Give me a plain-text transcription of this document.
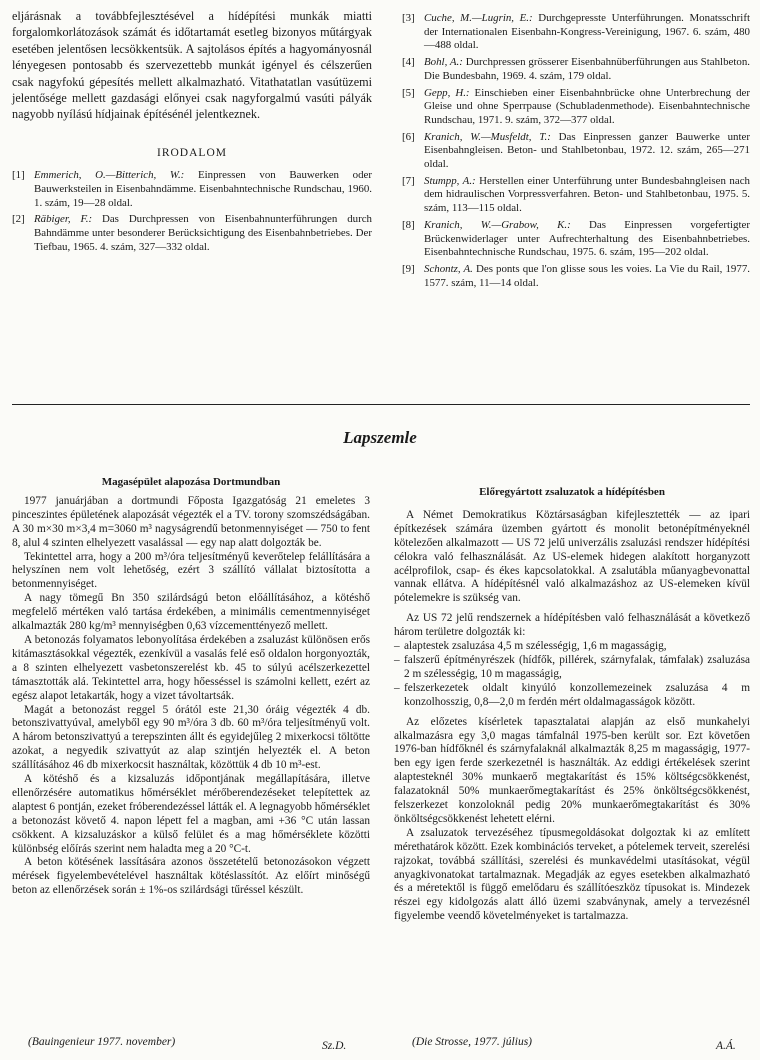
eljárásnak a továbbfejlesztésével a hídépítési munkák miatti forgalomkorlátozások számát és időtartamát esetleg bizonyos műtárgyak esetében jelentősen lecsökkentsük. A sajtolásos építés a hagyományosnál lényegesen pontosabb és szervezettebb munkát igényel és célszerűen csak nagyfokú gépesítés mellett alkalmazható. Vitathatatlan vasútüzemi jelentősége mellett gazdasági előnyei csak nagyforgalmú vasúti pályák nagyobb nyílású hídjainak építésénél jelentkeznek.

IRODALOM
[1] Emmerich, O.—Bitterich, W.: Einpressen von Bauwerken oder Bauwerksteilen in Eisenbahndämme. Eisenbahntechnische Rundschau, 1960. 1. szám, 19—28 oldal.
[2] Räbiger, F.: Das Durchpressen von Eisenbahnunterführungen durch Bahndämme unter besonderer Berücksichtigung des Eisenbahnbetriebes. Der Tiefbau, 1965. 4. szám, 327—332 oldal.
[3] Cuche, M.—Lugrin, E.: Durchgepresste Unterführungen. Monatsschrift der Internationalen Eisenbahn-Kongress-Vereinigung, 1967. 6. szám, 480—488 oldal.
[4] Bohl, A.: Durchpressen grösserer Eisenbahnüberführungen aus Stahlbeton. Die Bundesbahn, 1969. 4. szám, 179 oldal.
[5] Gepp, H.: Einschieben einer Eisenbahnbrücke ohne Unterbrechung der Gleise und ohne Sperrpause (Schubladenmethode). Eisenbahntechnische Rundschau, 1971. 9. szám, 372—377 oldal.
[6] Kranich, W.—Musfeldt, T.: Das Einpressen ganzer Bauwerke unter Eisenbahngleisen. Beton- und Stahlbetonbau, 1972. 12. szám, 265—271 oldal.
[7] Stumpp, A.: Herstellen einer Unterführung unter Bundesbahngleisen nach dem hidraulischen Vorpressverfahren. Beton- und Stahlbetonbau, 1975. 5. szám, 113—115 oldal.
[8] Kranich, W.—Grabow, K.: Das Einpressen vorgefertigter Brückenwiderlager unter Aufrechterhaltung des Eisenbahnbetriebes. Eisenbahntechnische Rundschau, 1975. 6. szám, 195—202 oldal.
[9] Schontz, A. Des ponts que l'on glisse sous les voies. La Vie du Rail, 1977. 1577. szám, 11—14 oldal.
Lapszemle
Magasépület alapozása Dortmundban

1977 januárjában a dortmundi Főposta Igazgatóság 21 emeletes 3 pinceszintes épületének alapozását végezték el a TV. torony szomszédságában. A 30 m×30 m×3,4 m=3060 m³ nagyságrendű betonmennyiséget — 750 to fent 8, alul 4 szinten elhelyezett vasalással — egy nap alatt dolgozták be.

Tekintettel arra, hogy a 200 m³/óra teljesítményű keverőtelep felállítására a helyszínen nem volt lehetőség, ezért 3 szállító vállalat biztosította a betonmennyiséget.

A nagy tömegű Bn 350 szilárdságú beton előállításához, a kötéshő megfelelő mértéken való tartása érdekében, a minimális cementmennyiséget alkalmazták 280 kg/m³ mennyiségben 0,63 vízcementtényező mellett.

A betonozás folyamatos lebonyolítása érdekében a zsaluzást különösen erős kitámasztásokkal végezték, ezenkívül a vasalás felé eső oldalon horgonyozták, a 8 szinten elhelyezett vasbetonszerelést kb. 45 to súlyú acélszerkezettel támasztották alá. Tekintettel arra, hogy hőesséssel is számolni kellett, ezért az egész alapot letakarták, hogy a vizet távoltartsák.

Magát a betonozást reggel 5 órától este 21,30 óráig végezték 4 db. betonszivattyúval, amelyből egy 90 m³/óra 3 db. 60 m³/óra teljesítményű volt. A három betonszivattyú a terepszinten állt és egyidejűleg 2 mixerkocsi töltötte azokat, a negyedik szivattyút az alap szintjén helyezték el. A beton szállításához 46 db mixerkocsit használtak, közöttük 4 db 10 m³-est.

A kötéshő és a kizsaluzás időpontjának megállapítására, illetve ellenőrzésére automatikus hőmérséklet mérőberendezéseket telepítettek az alaptest 6 pontján, ezeket fróberendezéssel látták el. A legnagyobb hőmérséklet a betonozást követő 4. napon lépett fel a magban, ami +36 °C után lassan csökkent. A kizsaluzáskor a külső felület és a mag hőmérséklete közötti különbség előírás szerint nem haladta meg a 20 °C-t.

A beton kötésének lassítására azonos összetételű betonozásokon végzett mérések figyelembevételével használtak kötéslassítót. Az előírt minőségű beton az ellenőrzések során ± 1%-os szilárdsági tűréssel készült.

Előregyártott zsaluzatok a hídépítésben

A Német Demokratikus Köztársaságban kifejlesztették — az ipari építkezések számára üzemben gyártott és monolit betonépítményeknél kötelezően alkalmazott — US 72 jelű univerzális zsaluzási rendszer hídépítési célokra való felhasználását. Az US-elemek hidegen alakított horganyzott acélprofilok, csap- és ékes kapcsolatokkal. A zsalutábla műanyagbevonattal vannak ellátva. A hídépítésnél való alkalmazáshoz az US-elemeken kívül pótelemekre is szükség van.

Az US 72 jelű rendszernek a hídépítésben való felhasználását a következő három területre dolgozták ki:

– alaptestek zsaluzása 4,5 m szélességig, 1,6 m magasságig,

– falszerű építményrészek (hídfők, pillérek, szárnyfalak, támfalak) zsaluzása 2 m szélességig, 10 m magasságig,

– felszerkezetek oldalt kinyúló konzollemezeinek zsaluzása 4 m konzolhosszig, 0,8—2,0 m ferdén mért oldalmagasságok között.

Az előzetes kísérletek tapasztalatai alapján az első munkahelyi alkalmazásra egy 3,0 magas támfalnál 1975-ben került sor. Ezt követően 1976-ban hídfőknél és szárnyfalaknál alkalmazták 8,25 m magasságig, 1977-ben egy igen ferde szerkezetnél is használták. Az eddigi értékelések szerint alaptesteknél 30% munkaerő megtakarítást és 15% költségcsökkenést, falazatoknál 50% munkaerőmegtakarítást és 25% önköltségcsökkenést, felszerkezet konzoloknál pedig 20% munkaerőmegtakarítást és 30% önköltségcsökkenést lehetett elérni.

A zsaluzatok tervezéséhez típusmegoldásokat dolgoztak ki az említett mérethatárok között. Ezek kombinációs terveket, a pótelemek terveit, szerelési rajzokat, továbbá szállítási, szerelési és munkavédelmi utasításokat, végül anyagkivonatokat tartalmaznak. Megadják az egyes esetekben alkalmazható és a méretektől is függő emelődaru és szállítóeszköz típusokat is. Mindezek részei egy kidolgozás alatt álló üzemi szabványnak, amely a tervezésnél figyelembe veendő követelményeket is tartalmazza.

(Bauingenieur 1977. november)	Sz.D.	(Die Strosse, 1977. július)	A.Á.
